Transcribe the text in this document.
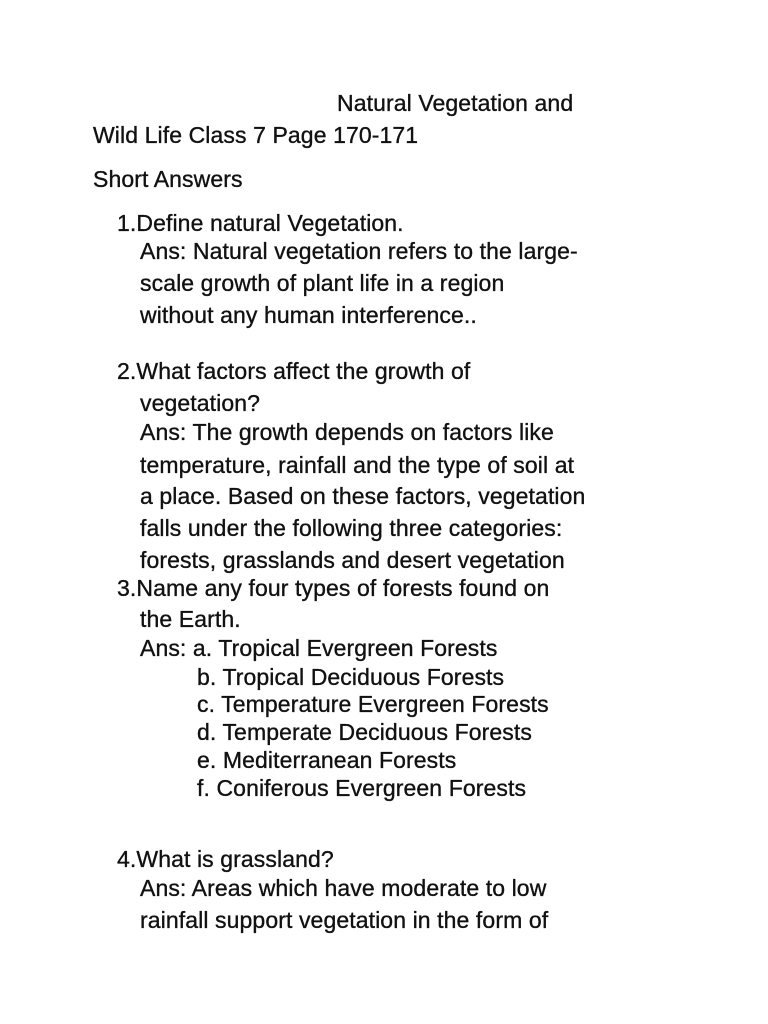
Natural Vegetation and
Wild Life Class 7 Page 170-171
Short Answers
1.Define natural Vegetation.
Ans: Natural vegetation refers to the large-
scale growth of plant life in a region
without any human interference..
2.What factors affect the growth of
vegetation?
Ans: The growth depends on factors like
temperature, rainfall and the type of soil at
a place. Based on these factors, vegetation
falls under the following three categories:
forests, grasslands and desert vegetation
3.Name any four types of forests found on
the Earth.
Ans: a. Tropical Evergreen Forests
b. Tropical Deciduous Forests
c. Temperature Evergreen Forests
d. Temperate Deciduous Forests
e. Mediterranean Forests
f. Coniferous Evergreen Forests
4.What is grassland?
Ans: Areas which have moderate to low
rainfall support vegetation in the form of
